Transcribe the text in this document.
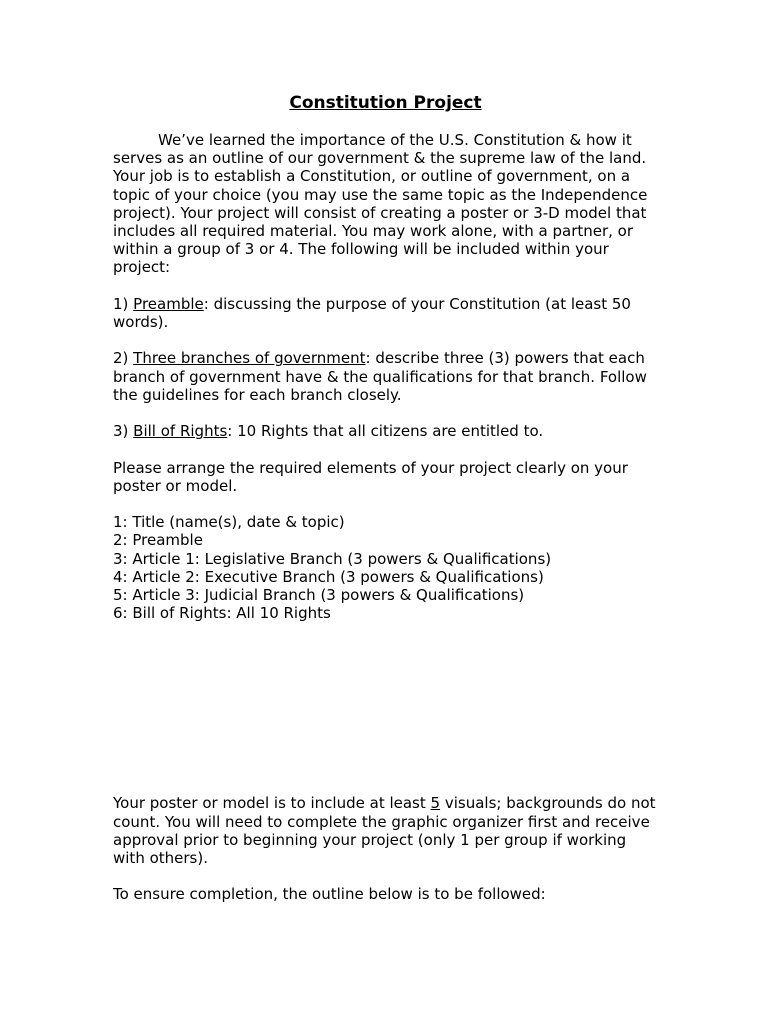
Constitution Project

We’ve learned the importance of the U.S. Constitution & how it serves as an outline of our government & the supreme law of the land. Your job is to establish a Constitution, or outline of government, on a topic of your choice (you may use the same topic as the Independence project). Your project will consist of creating a poster or 3-D model that includes all required material. You may work alone, with a partner, or within a group of 3 or 4. The following will be included within your project:

1) Preamble: discussing the purpose of your Constitution (at least 50 words).

2) Three branches of government: describe three (3) powers that each branch of government have & the qualifications for that branch. Follow the guidelines for each branch closely.

3) Bill of Rights: 10 Rights that all citizens are entitled to.

Please arrange the required elements of your project clearly on your poster or model.

1: Title (name(s), date & topic)
2: Preamble
3: Article 1: Legislative Branch (3 powers & Qualifications)
4: Article 2: Executive Branch (3 powers & Qualifications)
5: Article 3: Judicial Branch (3 powers & Qualifications)
6: Bill of Rights: All 10 Rights

Your poster or model is to include at least 5 visuals; backgrounds do not count. You will need to complete the graphic organizer first and receive approval prior to beginning your project (only 1 per group if working with others).

To ensure completion, the outline below is to be followed:
